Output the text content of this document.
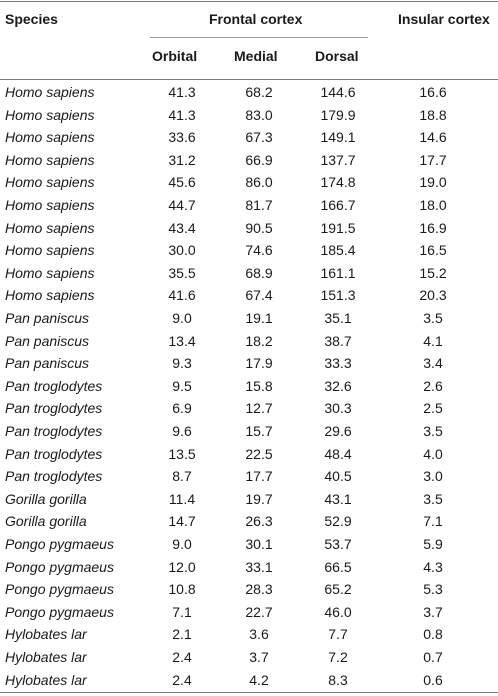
Species	Frontal cortex	Insular cortex
Orbital	Medial	Dorsal
Homo sapiens	41.3	68.2	144.6	16.6
Homo sapiens	41.3	83.0	179.9	18.8
Homo sapiens	33.6	67.3	149.1	14.6
Homo sapiens	31.2	66.9	137.7	17.7
Homo sapiens	45.6	86.0	174.8	19.0
Homo sapiens	44.7	81.7	166.7	18.0
Homo sapiens	43.4	90.5	191.5	16.9
Homo sapiens	30.0	74.6	185.4	16.5
Homo sapiens	35.5	68.9	161.1	15.2
Homo sapiens	41.6	67.4	151.3	20.3
Pan paniscus	9.0	19.1	35.1	3.5
Pan paniscus	13.4	18.2	38.7	4.1
Pan paniscus	9.3	17.9	33.3	3.4
Pan troglodytes	9.5	15.8	32.6	2.6
Pan troglodytes	6.9	12.7	30.3	2.5
Pan troglodytes	9.6	15.7	29.6	3.5
Pan troglodytes	13.5	22.5	48.4	4.0
Pan troglodytes	8.7	17.7	40.5	3.0
Gorilla gorilla	11.4	19.7	43.1	3.5
Gorilla gorilla	14.7	26.3	52.9	7.1
Pongo pygmaeus	9.0	30.1	53.7	5.9
Pongo pygmaeus	12.0	33.1	66.5	4.3
Pongo pygmaeus	10.8	28.3	65.2	5.3
Pongo pygmaeus	7.1	22.7	46.0	3.7
Hylobates lar	2.1	3.6	7.7	0.8
Hylobates lar	2.4	3.7	7.2	0.7
Hylobates lar	2.4	4.2	8.3	0.6
